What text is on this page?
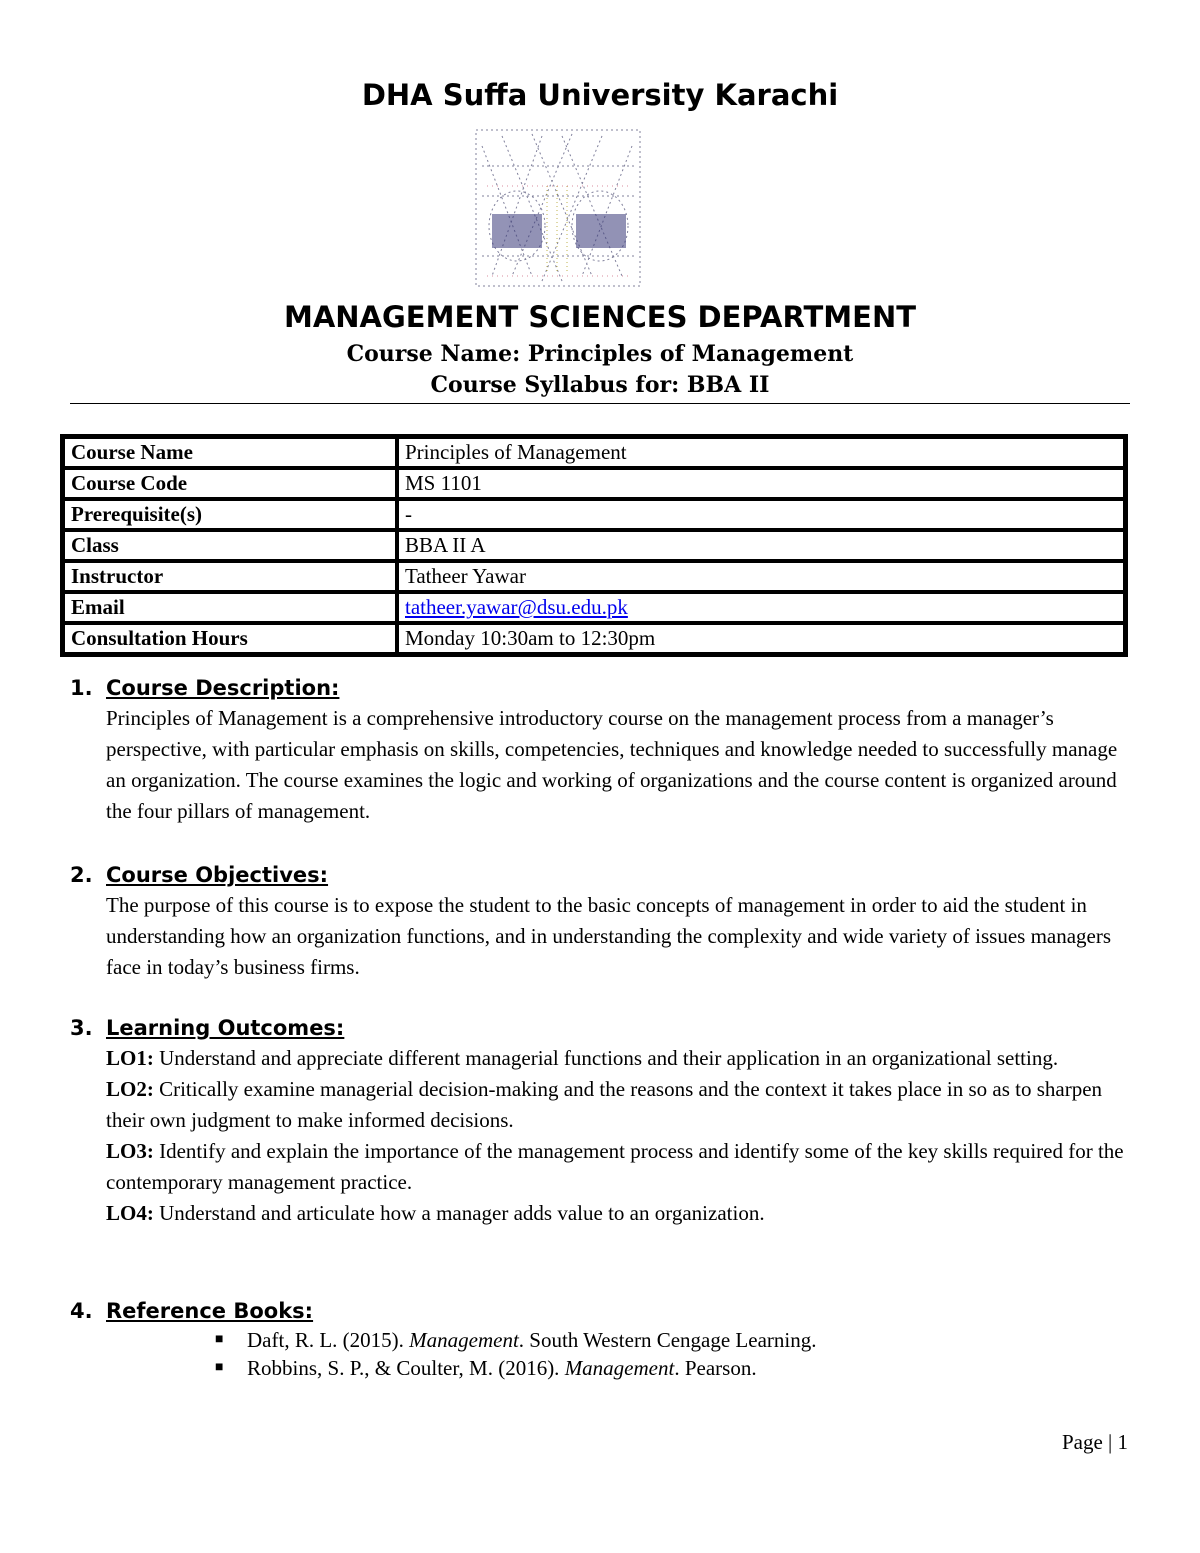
DHA Suffa University Karachi
MANAGEMENT SCIENCES DEPARTMENT
Course Name: Principles of Management
Course Syllabus for: BBA II
Course Name	Principles of Management
Course Code	MS 1101
Prerequisite(s)	-
Class	BBA II A
Instructor	Tatheer Yawar
Email	tatheer.yawar@dsu.edu.pk
Consultation Hours	Monday 10:30am to 12:30pm
1. Course Description:
Principles of Management is a comprehensive introductory course on the management process from a manager’s perspective, with particular emphasis on skills, competencies, techniques and knowledge needed to successfully manage an organization. The course examines the logic and working of organizations and the course content is organized around the four pillars of management.
2. Course Objectives:
The purpose of this course is to expose the student to the basic concepts of management in order to aid the student in understanding how an organization functions, and in understanding the complexity and wide variety of issues managers face in today’s business firms.
3. Learning Outcomes:
LO1: Understand and appreciate different managerial functions and their application in an organizational setting.
LO2: Critically examine managerial decision-making and the reasons and the context it takes place in so as to sharpen their own judgment to make informed decisions.
LO3: Identify and explain the importance of the management process and identify some of the key skills required for the contemporary management practice.
LO4: Understand and articulate how a manager adds value to an organization.
4. Reference Books:
■ Daft, R. L. (2015). Management. South Western Cengage Learning.
■ Robbins, S. P., & Coulter, M. (2016). Management. Pearson.
Page | 1
